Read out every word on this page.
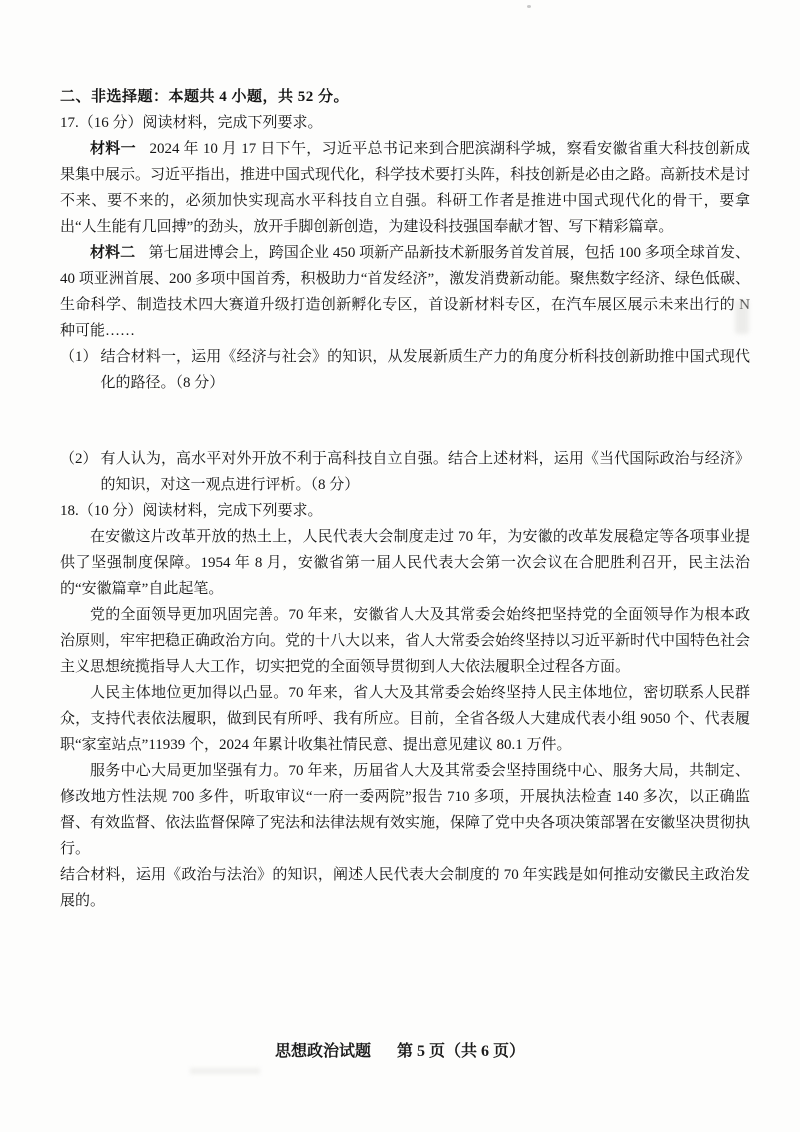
二、非选择题：本题共 4 小题，共 52 分。

17.（16 分）阅读材料，完成下列要求。

材料一 2024 年 10 月 17 日下午，习近平总书记来到合肥滨湖科学城，察看安徽省重大科技创新成果集中展示。习近平指出，推进中国式现代化，科学技术要打头阵，科技创新是必由之路。高新技术是讨不来、要不来的，必须加快实现高水平科技自立自强。科研工作者是推进中国式现代化的骨干，要拿出“人生能有几回搏”的劲头，放开手脚创新创造，为建设科技强国奉献才智、写下精彩篇章。

材料二 第七届进博会上，跨国企业 450 项新产品新技术新服务首发首展，包括 100 多项全球首发、40 项亚洲首展、200 多项中国首秀，积极助力“首发经济”，激发消费新动能。聚焦数字经济、绿色低碳、生命科学、制造技术四大赛道升级打造创新孵化专区，首设新材料专区，在汽车展区展示未来出行的 N 种可能……

（1） 结合材料一，运用《经济与社会》的知识，从发展新质生产力的角度分析科技创新助推中国式现代化的路径。（8 分）
（2） 有人认为，高水平对外开放不利于高科技自立自强。结合上述材料，运用《当代国际政治与经济》的知识，对这一观点进行评析。（8 分）

18.（10 分）阅读材料，完成下列要求。

在安徽这片改革开放的热土上，人民代表大会制度走过 70 年，为安徽的改革发展稳定等各项事业提供了坚强制度保障。1954 年 8 月，安徽省第一届人民代表大会第一次会议在合肥胜利召开，民主法治的“安徽篇章”自此起笔。

党的全面领导更加巩固完善。70 年来，安徽省人大及其常委会始终把坚持党的全面领导作为根本政治原则，牢牢把稳正确政治方向。党的十八大以来，省人大常委会始终坚持以习近平新时代中国特色社会主义思想统揽指导人大工作，切实把党的全面领导贯彻到人大依法履职全过程各方面。

人民主体地位更加得以凸显。70 年来，省人大及其常委会始终坚持人民主体地位，密切联系人民群众，支持代表依法履职，做到民有所呼、我有所应。目前，全省各级人大建成代表小组 9050 个、代表履职“家室站点”11939 个，2024 年累计收集社情民意、提出意见建议 80.1 万件。

服务中心大局更加坚强有力。70 年来，历届省人大及其常委会坚持围绕中心、服务大局，共制定、修改地方性法规 700 多件，听取审议“一府一委两院”报告 710 多项，开展执法检查 140 多次，以正确监督、有效监督、依法监督保障了宪法和法律法规有效实施，保障了党中央各项决策部署在安徽坚决贯彻执行。

结合材料，运用《政治与法治》的知识，阐述人民代表大会制度的 70 年实践是如何推动安徽民主政治发展的。

思想政治试题 第 5 页（共 6 页）
